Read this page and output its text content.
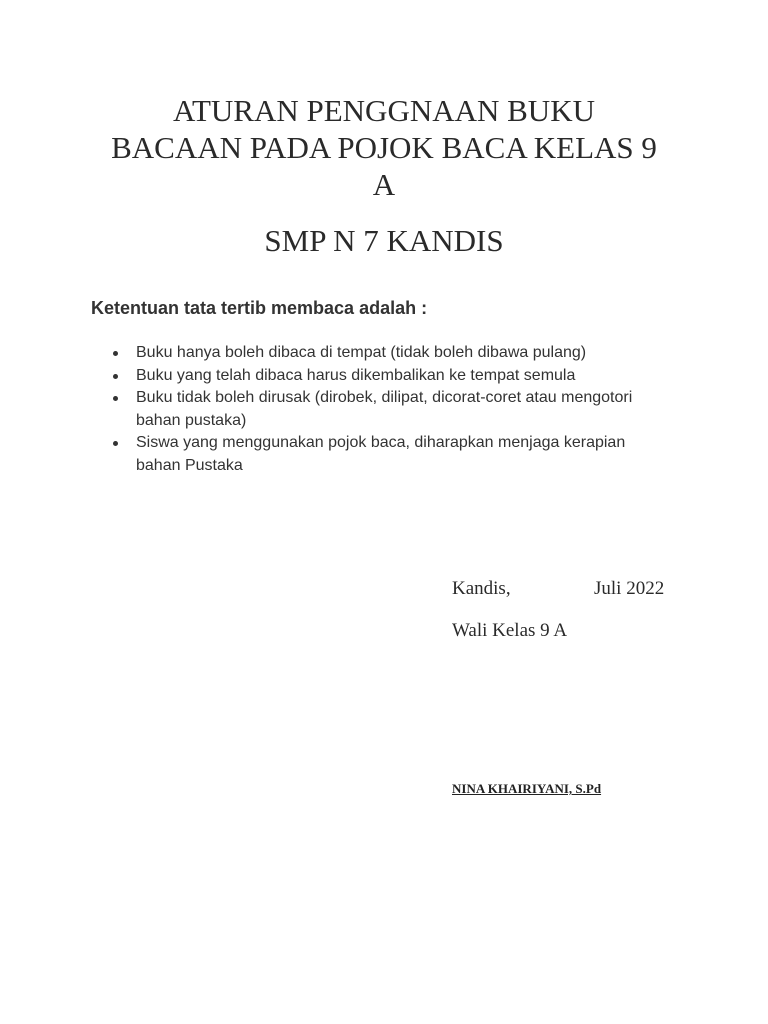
ATURAN PENGGNAAN BUKU
BACAAN PADA POJOK BACA KELAS 9
A
SMP N 7 KANDIS
Ketentuan tata tertib membaca adalah :
Buku hanya boleh dibaca di tempat (tidak boleh dibawa pulang)
Buku yang telah dibaca harus dikembalikan ke tempat semula
Buku tidak boleh dirusak (dirobek, dilipat, dicorat-coret atau mengotori bahan pustaka)
Siswa yang menggunakan pojok baca, diharapkan menjaga kerapian bahan Pustaka
Kandis,	Juli 2022
Wali Kelas 9 A
NINA KHAIRIYANI, S.Pd
